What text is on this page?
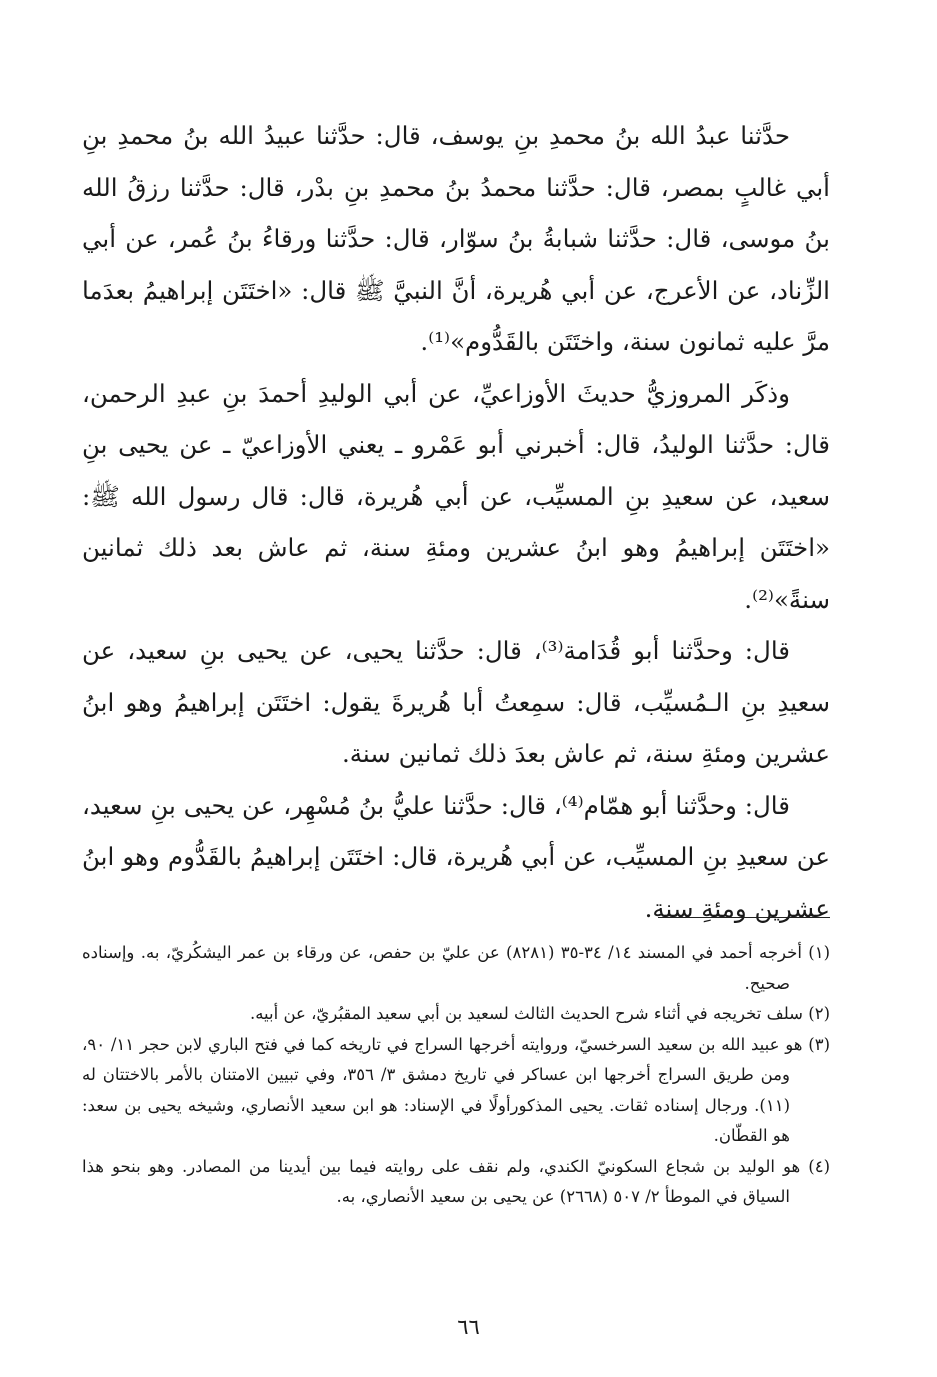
حدَّثنا عبدُ الله بنُ محمدِ بنِ يوسف، قال: حدَّثنا عبيدُ الله بنُ محمدِ بنِ أبي غالبٍ بمصر، قال: حدَّثنا محمدُ بنُ محمدِ بنِ بدْر، قال: حدَّثنا رزقُ الله بنُ موسى، قال: حدَّثنا شبابةُ بنُ سوّار، قال: حدَّثنا ورقاءُ بنُ عُمر، عن أبي الزِّناد، عن الأعرج، عن أبي هُريرة، أنَّ النبيَّ ﷺ قال: «اختَتَن إبراهيمُ بعدَما مرَّ عليه ثمانون سنة، واختَتَن بالقَدُّوم»⁽¹⁾.

وذكَر المروزيُّ حديثَ الأوزاعيِّ، عن أبي الوليدِ أحمدَ بنِ عبدِ الرحمن، قال: حدَّثنا الوليدُ، قال: أخبرني أبو عَمْرو ـ يعني الأوزاعيّ ـ عن يحيى بنِ سعيد، عن سعيدِ بنِ المسيِّب، عن أبي هُريرة، قال: قال رسول الله ﷺ: «اختَتَن إبراهيمُ وهو ابنُ عشرين ومئةِ سنة، ثم عاش بعد ذلك ثمانين سنةً»⁽²⁾.

قال: وحدَّثنا أبو قُدَامة⁽³⁾، قال: حدَّثنا يحيى، عن يحيى بنِ سعيد، عن سعيدِ بنِ الـمُسيِّب، قال: سمِعتُ أبا هُريرةَ يقول: اختَتَن إبراهيمُ وهو ابنُ عشرين ومئةِ سنة، ثم عاش بعدَ ذلك ثمانين سنة.

قال: وحدَّثنا أبو همّام⁽⁴⁾، قال: حدَّثنا عليُّ بنُ مُسْهِر، عن يحيى بنِ سعيد، عن سعيدِ بنِ المسيِّب، عن أبي هُريرة، قال: اختَتَن إبراهيمُ بالقَدُّوم وهو ابنُ عشرين ومئةِ سنة.

(١) أخرجه أحمد في المسند ١٤/ ٣٤-٣٥ (٨٢٨١) عن عليّ بن حفص، عن ورقاء بن عمر اليشكُريّ، به. وإسناده صحيح.

(٢) سلف تخريجه في أثناء شرح الحديث الثالث لسعيد بن أبي سعيد المقبُريّ، عن أبيه.

(٣) هو عبيد الله بن سعيد السرخسيّ، وروايته أخرجها السراج في تاريخه كما في فتح الباري لابن حجر ١١/ ٩٠، ومن طريق السراج أخرجها ابن عساكر في تاريخ دمشق ٣/ ٣٥٦، وفي تبيين الامتنان بالأمر بالاختتان له (١١). ورجال إسناده ثقات. يحيى المذكورأولًا في الإسناد: هو ابن سعيد الأنصاري، وشيخه يحيى بن سعد: هو القطّان.

(٤) هو الوليد بن شجاع السكونيّ الكندي، ولم نقف على روايته فيما بين أيدينا من المصادر. وهو بنحو هذا السياق في الموطأ ٢/ ٥٠٧ (٢٦٦٨) عن يحيى بن سعيد الأنصاري، به.

٦٦
